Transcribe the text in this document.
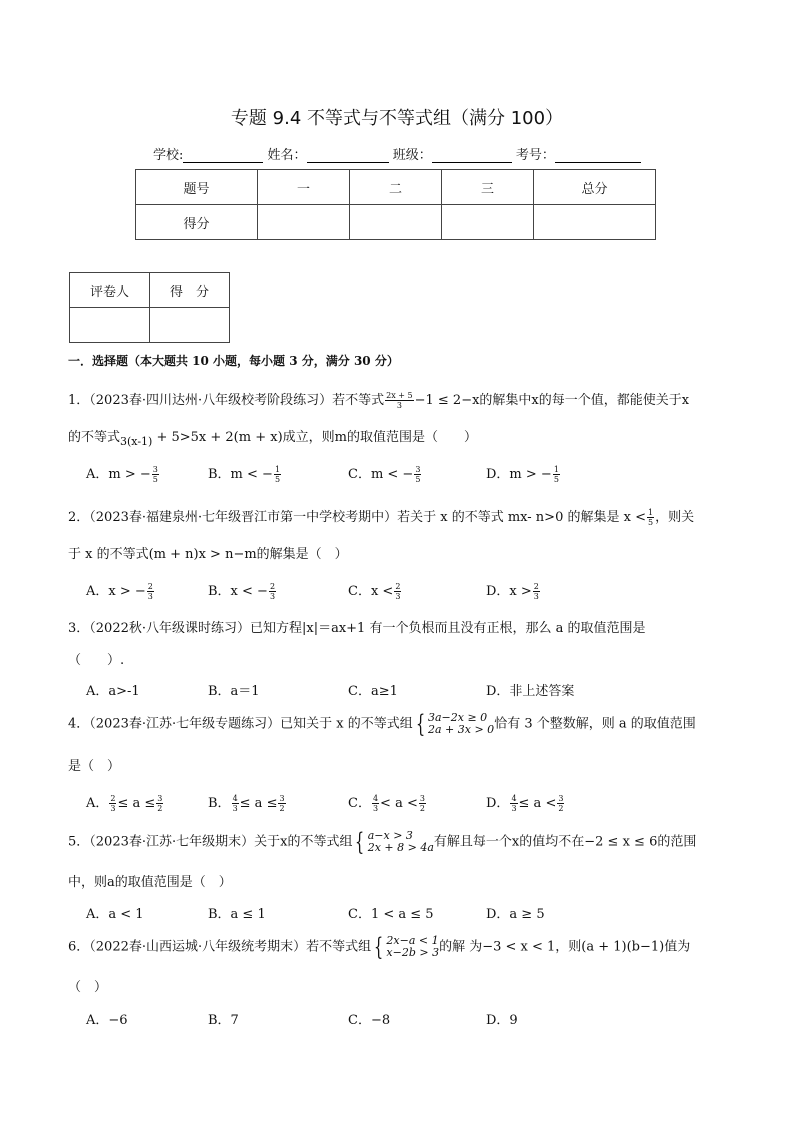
专题 9.4 不等式与不等式组（满分 100）
学校:	姓名：	班级：	考号：
题号	一	二	三	总分
得分				
评卷人	得　分

一．选择题（本大题共 10 小题，每小题 3 分，满分 30 分）
1．（2023春·四川达州·八年级校考阶段练习）若不等式 $\frac{2x + 5}{3} -1 \le 2-x$的解集中x的每一个值，都能使关于x
的不等式$_{3(x-1)}$ + 5>5x + 2(m + x)成立，则m的取值范围是（　　）
A．m > − $\frac{3}{5}$	B．m < − $\frac{1}{5}$	C．m < − $\frac{3}{5}$	D．m > − $\frac{1}{5}$
2．（2023春·福建泉州·七年级晋江市第一中学校考期中）若关于 x 的不等式 mx- n>0 的解集是 $x < \frac{1}{5}$ ，则关
于 x 的不等式(m + n)x > n−m的解集是（　）
A．x > − $\frac{2}{3}$	B．x < − $\frac{2}{3}$	C．$x < \frac{2}{3}$	D．$x > \frac{2}{3}$
3．（2022秋·八年级课时练习）已知方程|x|＝ax+1 有一个负根而且没有正根，那么 a 的取值范围是
（　　）.
A．a>-1	B．a＝1	C．a≥1	D．非上述答案
4．（2023春·江苏·七年级专题练习）已知关于 x 的不等式组 { 3a−2x ≥ 0
2a + 3x > 0 恰有 3 个整数解，则 a 的取值范围
是（　）
A． $\frac{2}{3} \le a \le \frac{3}{2}$	B． $\frac{4}{3} \le a \le \frac{3}{2}$	C． $\frac{4}{3} < a < \frac{3}{2}$	D． $\frac{4}{3} \le a < \frac{3}{2}$
5．（2023春·江苏·七年级期末）关于x的不等式组 { a−x > 3
2x + 8 > 4a 有解且每一个x的值均不在−2 ≤ x ≤ 6的范围
中，则a的取值范围是（　）
A．a < 1	B．a ≤ 1	C．1 < a ≤ 5	D．a ≥ 5
6．（2022春·山西运城·八年级统考期末）若不等式组 { 2x−a < 1
x−2b > 3 的解 为−3 < x < 1，则(a + 1)(b−1)值为
（　）
A．−6	B．7	C．−8	D．9
